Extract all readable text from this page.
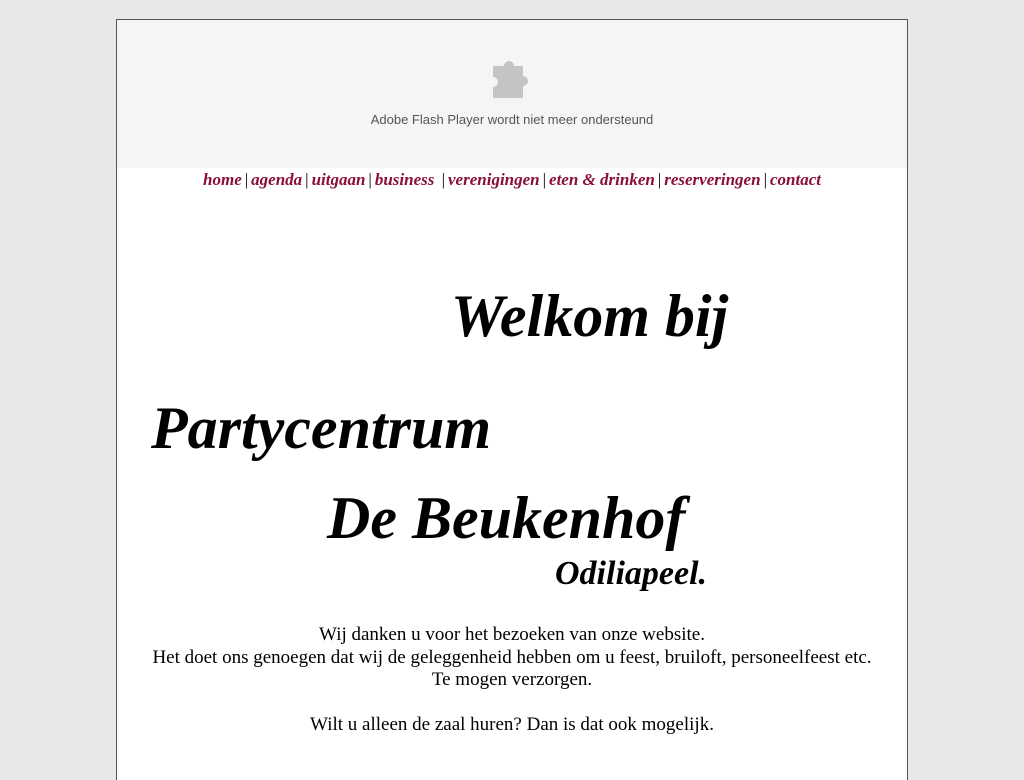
Adobe Flash Player wordt niet meer ondersteund
home | agenda | uitgaan | business | verenigingen | eten & drinken | reserveringen | contact
Welkom bij
Partycentrum
De Beukenhof
Odiliapeel.

Wij danken u voor het bezoeken van onze website.

Het doet ons genoegen dat wij de geleggenheid hebben om u feest, bruiloft, personeelfeest etc.

Te mogen verzorgen.

Wilt u alleen de zaal huren? Dan is dat ook mogelijk.
